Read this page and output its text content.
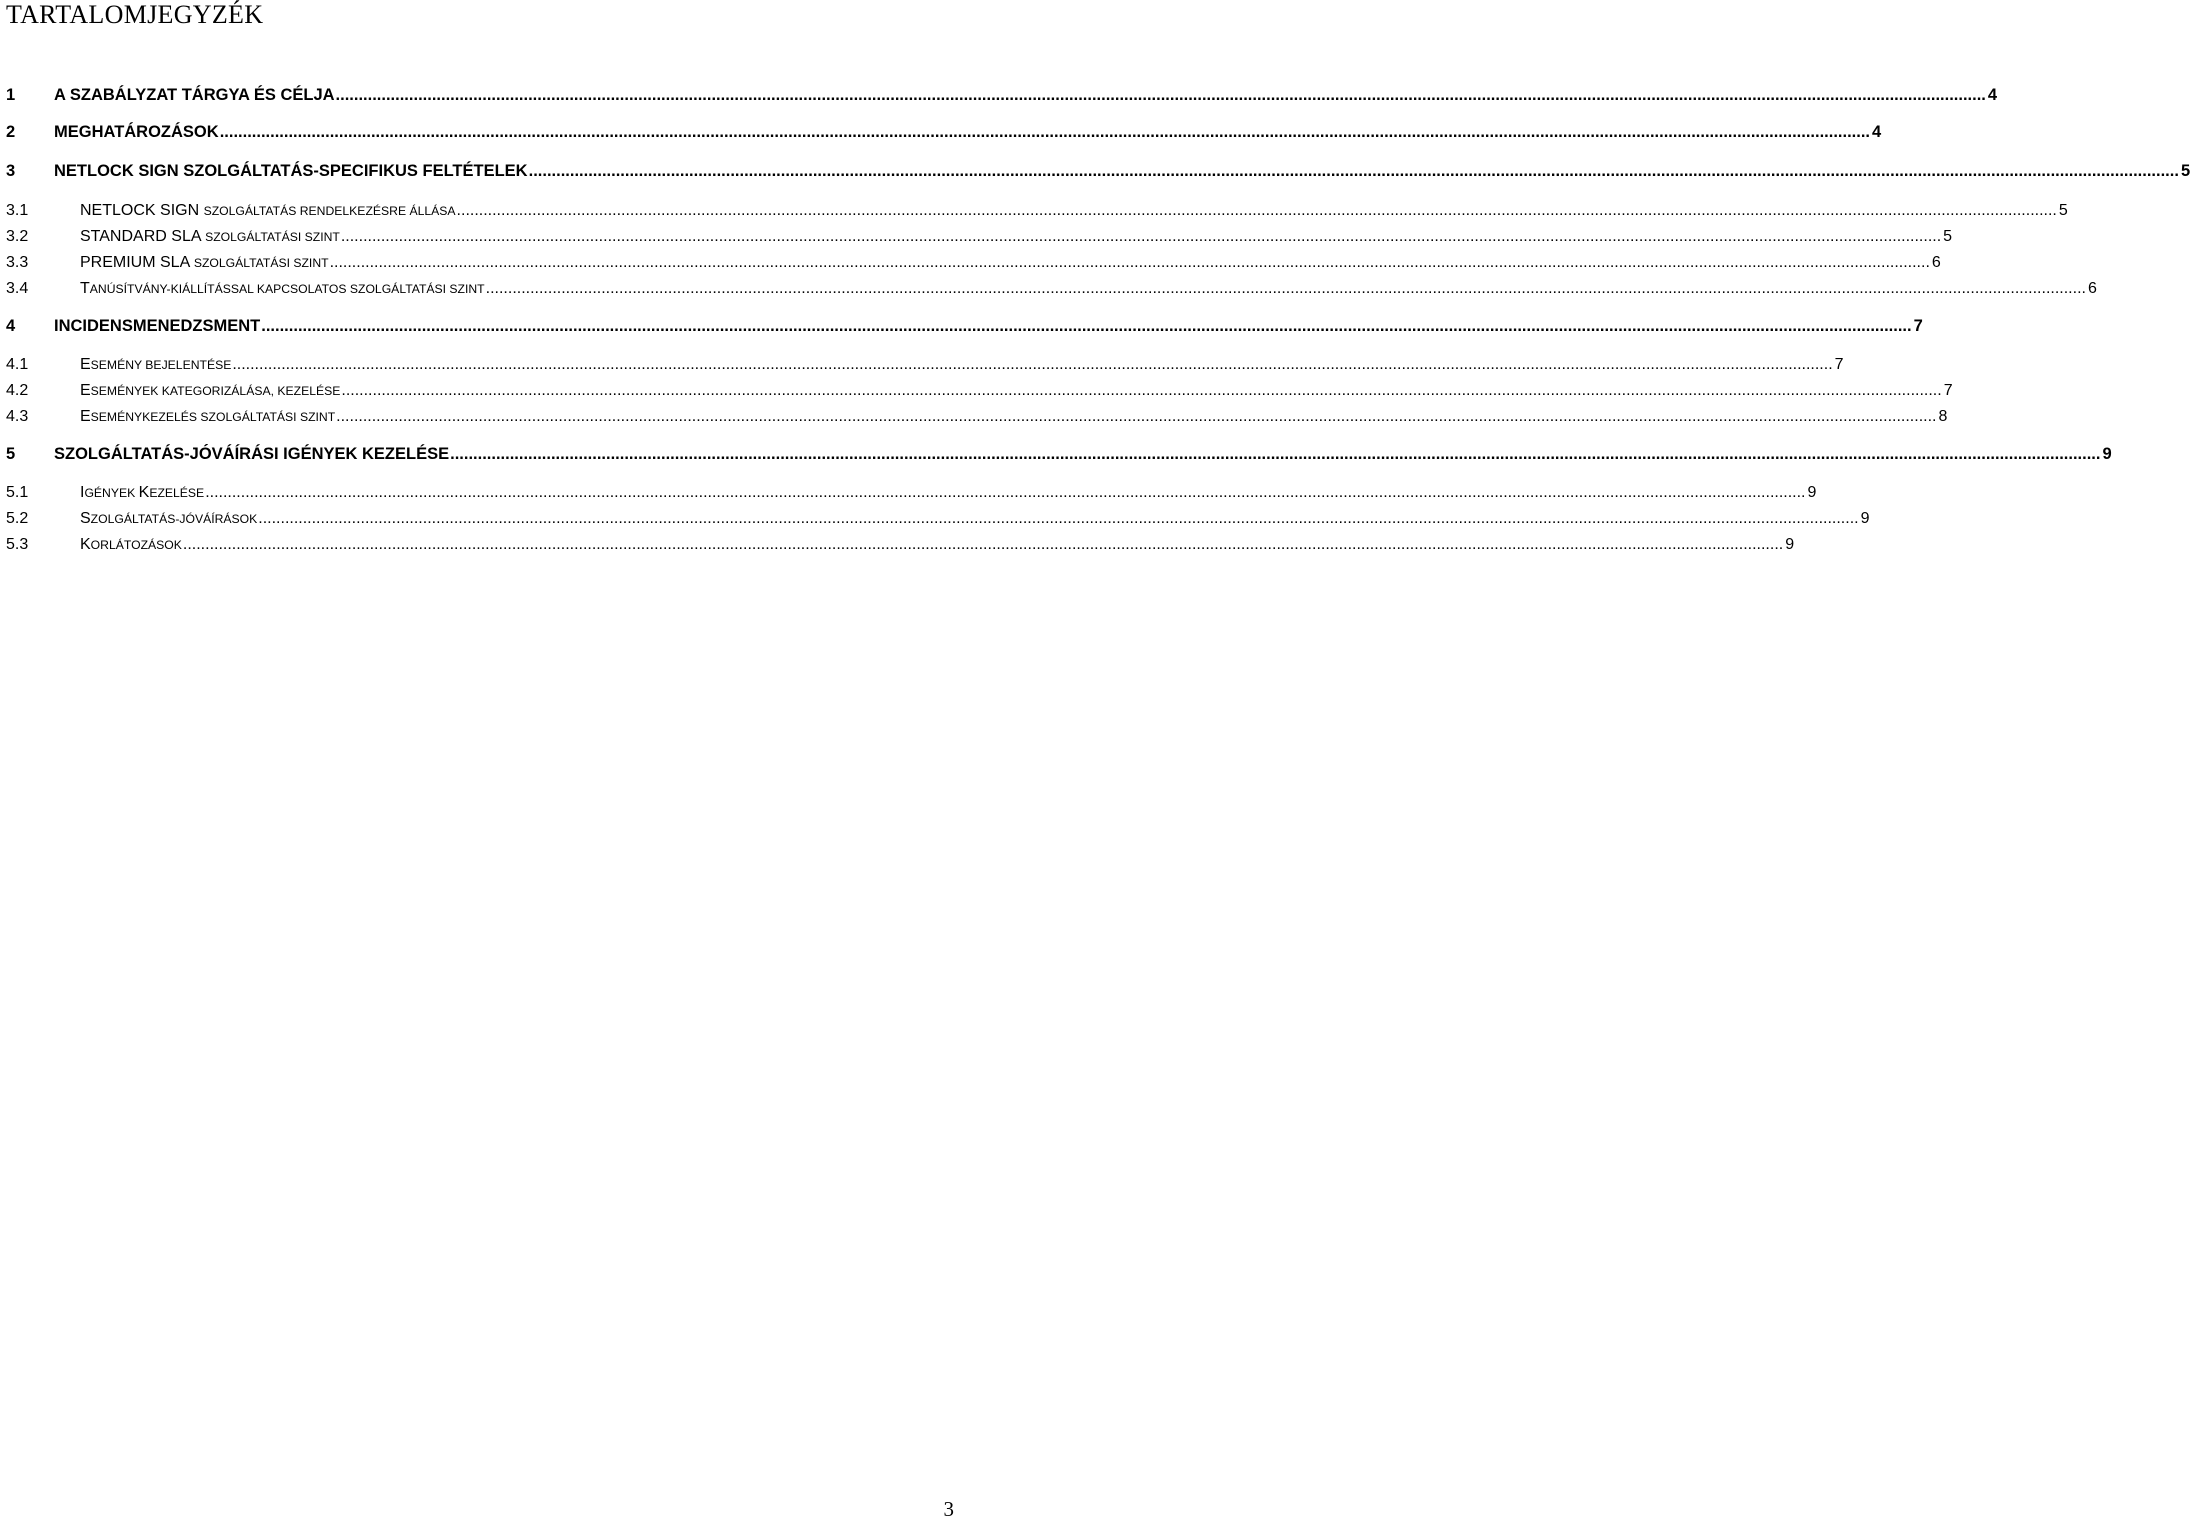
TARTALOMJEGYZÉK
1	A SZABÁLYZAT TÁRGYA ÉS CÉLJA .....	4
2	MEGHATÁROZÁSOK .....	4
3	NETLOCK SIGN SZOLGÁLTATÁS-SPECIFIKUS FELTÉTELEK .....	5
3.1	NETLOCK SIGN SZOLGÁLTATÁS RENDELKEZÉSRE ÁLLÁSA .....	5
3.2	STANDARD SLA SZOLGÁLTATÁSI SZINT .....	5
3.3	PREMIUM SLA SZOLGÁLTATÁSI SZINT .....	6
3.4	TANÚSÍTVÁNY-KIÁLLÍTÁSSAL KAPCSOLATOS SZOLGÁLTATÁSI SZINT .....	6
4	INCIDENSMENEDZSMENT .....	7
4.1	ESEMÉNY BEJELENTÉSE .....	7
4.2	ESEMÉNYEK KATEGORIZÁLÁSA, KEZELÉSE .....	7
4.3	ESEMÉNYKEZELÉS SZOLGÁLTATÁSI SZINT .....	8
5	SZOLGÁLTATÁS-JÓVÁÍRÁSI IGÉNYEK KEZELÉSE .....	9
5.1	IGÉNYEK KEZELÉSE .....	9
5.2	SZOLGÁLTATÁS-JÓVÁÍRÁSOK .....	9
5.3	KORLÁTOZÁSOK .....	9
3
